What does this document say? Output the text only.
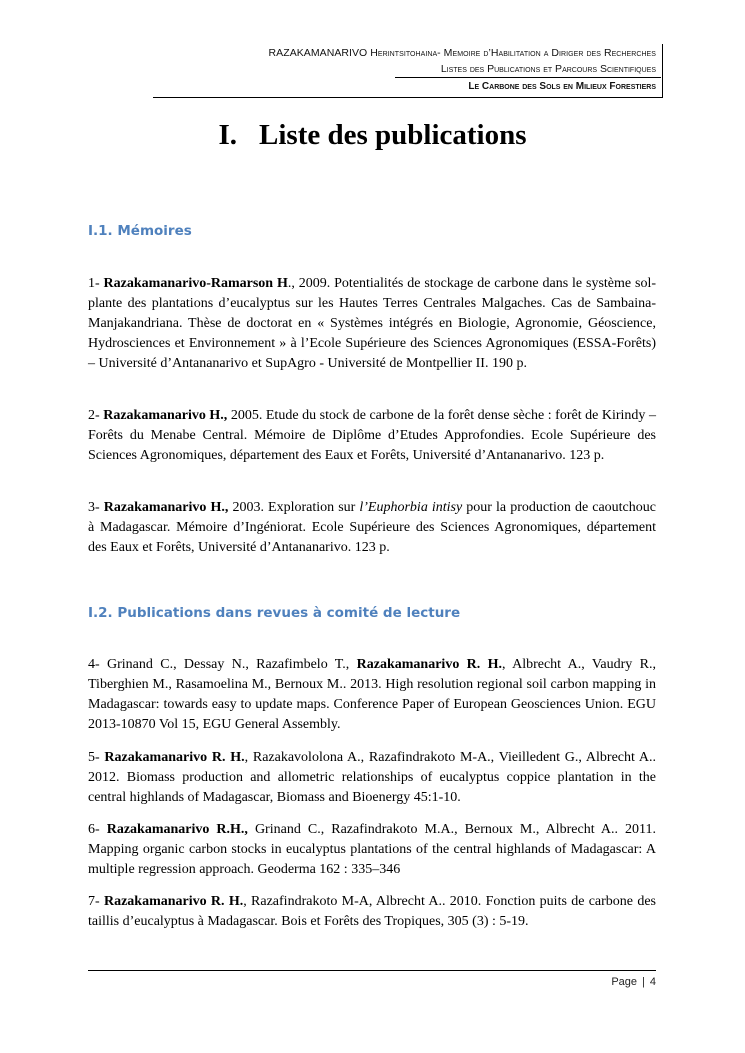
RAZAKAMANARIVO Herintsitohaina- Memoire d’Habilitation a Diriger des Recherches
Listes des Publications et Parcours Scientifiques
Le Carbone des Sols en Milieux Forestiers
I. Liste des publications
I.1. Mémoires

1- Razakamanarivo-Ramarson H., 2009. Potentialités de stockage de carbone dans le système sol-plante des plantations d’eucalyptus sur les Hautes Terres Centrales Malgaches. Cas de Sambaina-Manjakandriana. Thèse de doctorat en « Systèmes intégrés en Biologie, Agronomie, Géoscience, Hydrosciences et Environnement » à l’Ecole Supérieure des Sciences Agronomiques (ESSA-Forêts) – Université d’Antananarivo et SupAgro - Université de Montpellier II. 190 p.

2- Razakamanarivo H., 2005. Etude du stock de carbone de la forêt dense sèche : forêt de Kirindy – Forêts du Menabe Central. Mémoire de Diplôme d’Etudes Approfondies. Ecole Supérieure des Sciences Agronomiques, département des Eaux et Forêts, Université d’Antananarivo. 123 p.

3- Razakamanarivo H., 2003. Exploration sur l’Euphorbia intisy pour la production de caoutchouc à Madagascar. Mémoire d’Ingéniorat. Ecole Supérieure des Sciences Agronomiques, département des Eaux et Forêts, Université d’Antananarivo. 123 p.

I.2. Publications dans revues à comité de lecture

4- Grinand C., Dessay N., Razafimbelo T., Razakamanarivo R. H., Albrecht A., Vaudry R., Tiberghien M., Rasamoelina M., Bernoux M.. 2013. High resolution regional soil carbon mapping in Madagascar: towards easy to update maps. Conference Paper of European Geosciences Union. EGU 2013-10870 Vol 15, EGU General Assembly.

5- Razakamanarivo R. H., Razakavololona A., Razafindrakoto M-A., Vieilledent G., Albrecht A.. 2012. Biomass production and allometric relationships of eucalyptus coppice plantation in the central highlands of Madagascar, Biomass and Bioenergy 45:1-10.

6- Razakamanarivo R.H., Grinand C., Razafindrakoto M.A., Bernoux M., Albrecht A.. 2011. Mapping organic carbon stocks in eucalyptus plantations of the central highlands of Madagascar: A multiple regression approach. Geoderma 162 : 335–346

7- Razakamanarivo R. H., Razafindrakoto M-A, Albrecht A.. 2010. Fonction puits de carbone des taillis d’eucalyptus à Madagascar. Bois et Forêts des Tropiques, 305 (3) : 5-19.

Page | 4
